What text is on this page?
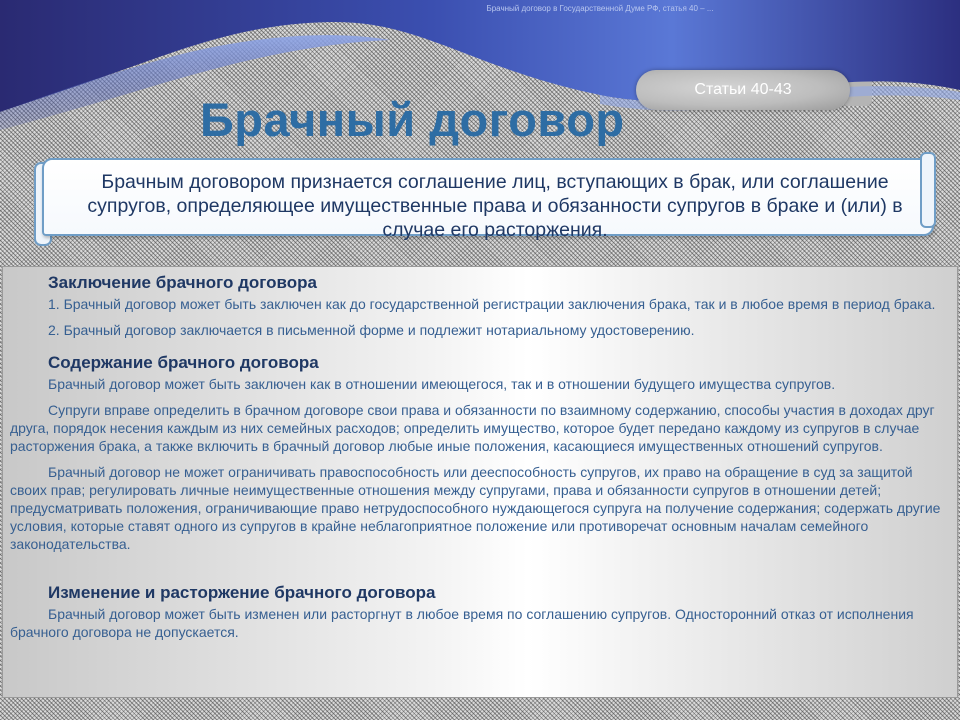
Брачный договор в Государственной Думе РФ, cтатья 40 – ...
Статьи 40-43
Брачный договор
Брачным договором признается соглашение лиц, вступающих в брак, или соглашение супругов, определяющее имущественные права и обязанности супругов в браке и (или) в случае его расторжения.
Заключение брачного договора

1. Брачный договор может быть заключен как до государственной регистрации заключения брака, так и в любое время в период брака.

2. Брачный договор заключается в письменной форме и подлежит нотариальному удостоверению.

Содержание брачного договора

Брачный договор может быть заключен как в отношении имеющегося, так и в отношении будущего имущества супругов.

Супруги вправе определить в брачном договоре свои права и обязанности по взаимному содержанию, способы участия в доходах друг друга, порядок несения каждым из них семейных расходов; определить имущество, которое будет передано каждому из супругов в случае расторжения брака, а также включить в брачный договор любые иные положения, касающиеся имущественных отношений супругов.

Брачный договор не может ограничивать правоспособность или дееспособность супругов, их право на обращение в суд за защитой своих прав; регулировать личные неимущественные отношения между супругами, права и обязанности супругов в отношении детей; предусматривать положения, ограничивающие право нетрудоспособного нуждающегося супруга на получение содержания; содержать другие условия, которые ставят одного из супругов в крайне неблагоприятное положение или противоречат основным началам семейного законодательства.

Изменение и расторжение брачного договора

Брачный договор может быть изменен или расторгнут в любое время по соглашению супругов. Односторонний отказ от исполнения брачного договора не допускается.
